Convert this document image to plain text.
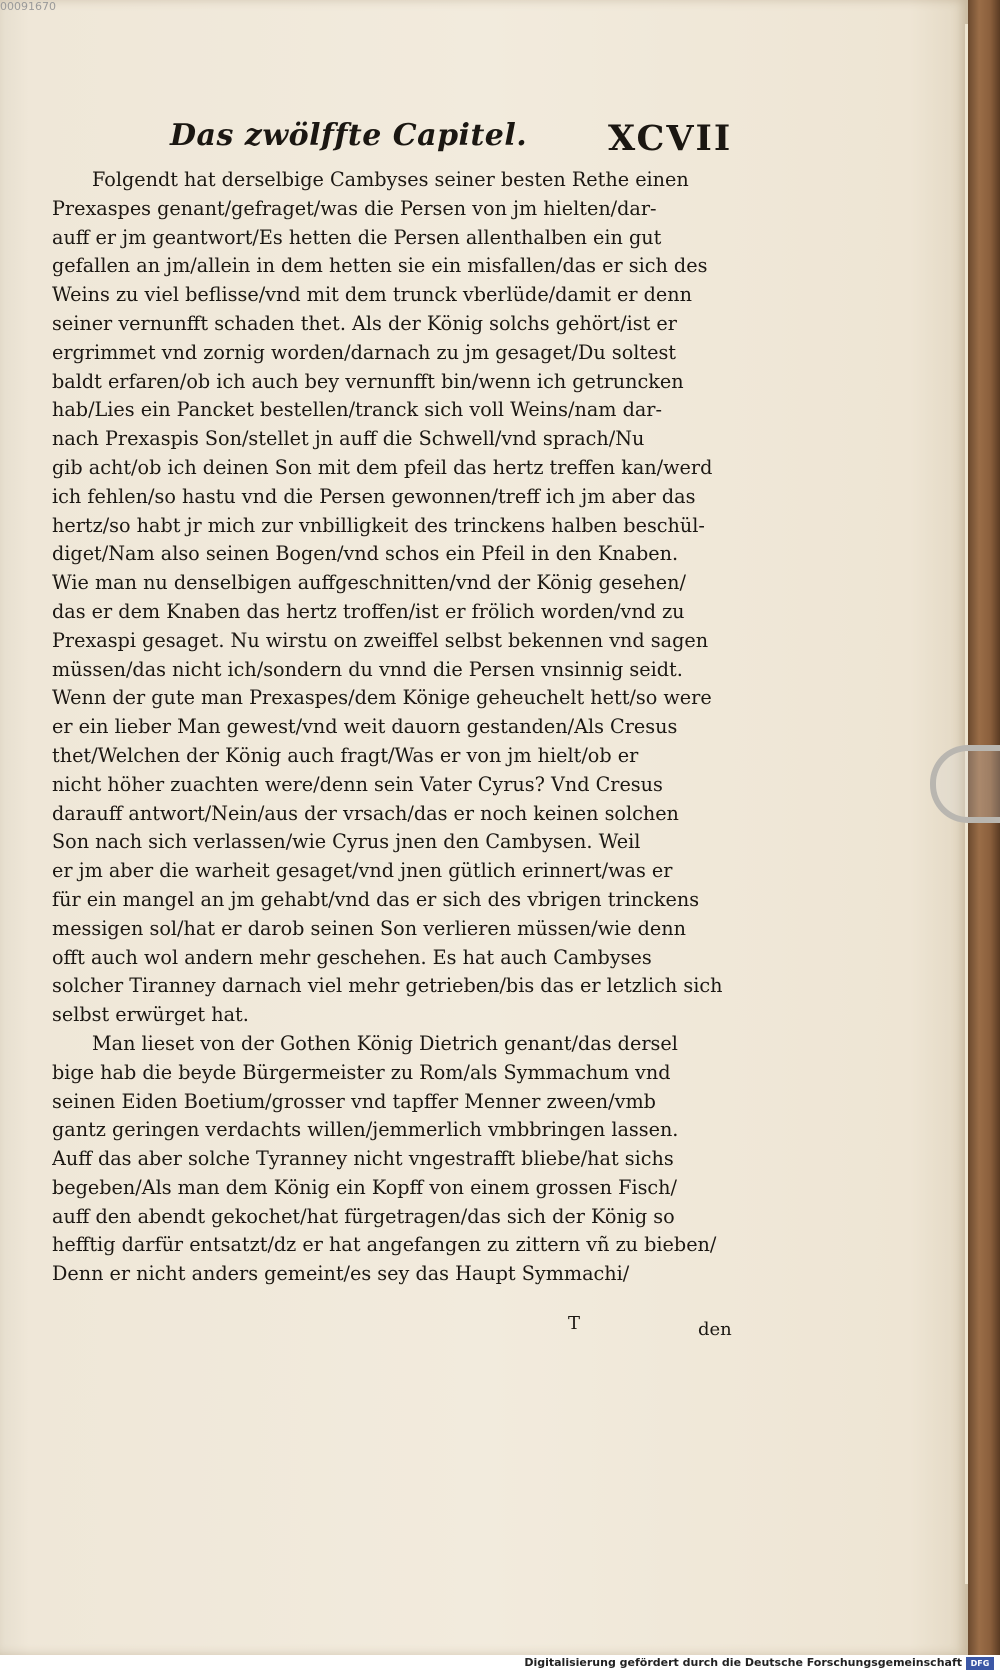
00091670
Das zwölffte Capitel. XCVII
Folgendt hat derselbige Cambyses seiner besten Rethe einen
Prexaspes genant/gefraget/was die Persen von jm hielten/dar-
auff er jm geantwort/Es hetten die Persen allenthalben ein gut
gefallen an jm/allein in dem hetten sie ein misfallen/das er sich des
Weins zu viel beflisse/vnd mit dem trunck vberlüde/damit er denn
seiner vernunfft schaden thet. Als der König solchs gehört/ist er
ergrimmet vnd zornig worden/darnach zu jm gesaget/Du soltest
baldt erfaren/ob ich auch bey vernunfft bin/wenn ich getruncken
hab/Lies ein Pancket bestellen/tranck sich voll Weins/nam dar-
nach Prexaspis Son/stellet jn auff die Schwell/vnd sprach/Nu
gib acht/ob ich deinen Son mit dem pfeil das hertz treffen kan/werd
ich fehlen/so hastu vnd die Persen gewonnen/treff ich jm aber das
hertz/so habt jr mich zur vnbilligkeit des trinckens halben beschül-
diget/Nam also seinen Bogen/vnd schos ein Pfeil in den Knaben.
Wie man nu denselbigen auffgeschnitten/vnd der König gesehen/
das er dem Knaben das hertz troffen/ist er frölich worden/vnd zu
Prexaspi gesaget. Nu wirstu on zweiffel selbst bekennen vnd sagen
müssen/das nicht ich/sondern du vnnd die Persen vnsinnig seidt.
Wenn der gute man Prexaspes/dem Könige geheuchelt hett/so were
er ein lieber Man gewest/vnd weit dauorn gestanden/Als Cresus
thet/Welchen der König auch fragt/Was er von jm hielt/ob er
nicht höher zuachten were/denn sein Vater Cyrus? Vnd Cresus
darauff antwort/Nein/aus der vrsach/das er noch keinen solchen
Son nach sich verlassen/wie Cyrus jnen den Cambysen. Weil
er jm aber die warheit gesaget/vnd jnen gütlich erinnert/was er
für ein mangel an jm gehabt/vnd das er sich des vbrigen trinckens
messigen sol/hat er darob seinen Son verlieren müssen/wie denn
offt auch wol andern mehr geschehen. Es hat auch Cambyses
solcher Tiranney darnach viel mehr getrieben/bis das er letzlich sich
selbst erwürget hat.
Man lieset von der Gothen König Dietrich genant/das dersel
bige hab die beyde Bürgermeister zu Rom/als Symmachum vnd
seinen Eiden Boetium/grosser vnd tapffer Menner zween/vmb
gantz geringen verdachts willen/jemmerlich vmbbringen lassen.
Auff das aber solche Tyranney nicht vngestrafft bliebe/hat sichs
begeben/Als man dem König ein Kopff von einem grossen Fisch/
auff den abendt gekochet/hat fürgetragen/das sich der König so
hefftig darfür entsatzt/dz er hat angefangen zu zittern vñ zu bieben/
Denn er nicht anders gemeint/es sey das Haupt Symmachi/
T	den
Digitalisierung gefördert durch die Deutsche Forschungsgemeinschaft	DFG
